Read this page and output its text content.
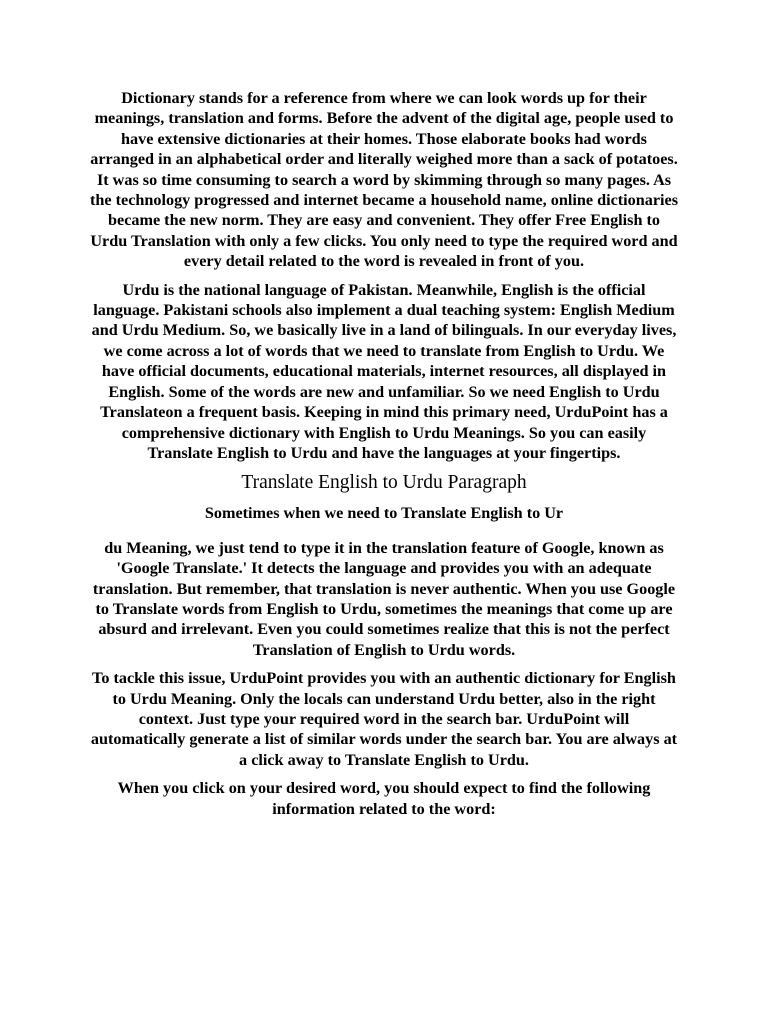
Dictionary stands for a reference from where we can look words up for their meanings, translation and forms. Before the advent of the digital age, people used to have extensive dictionaries at their homes. Those elaborate books had words arranged in an alphabetical order and literally weighed more than a sack of potatoes. It was so time consuming to search a word by skimming through so many pages. As the technology progressed and internet became a household name, online dictionaries became the new norm. They are easy and convenient. They offer Free English to Urdu Translation with only a few clicks. You only need to type the required word and every detail related to the word is revealed in front of you.

Urdu is the national language of Pakistan. Meanwhile, English is the official language. Pakistani schools also implement a dual teaching system: English Medium and Urdu Medium. So, we basically live in a land of bilinguals. In our everyday lives, we come across a lot of words that we need to translate from English to Urdu. We have official documents, educational materials, internet resources, all displayed in English. Some of the words are new and unfamiliar. So we need English to Urdu Translateon a frequent basis. Keeping in mind this primary need, UrduPoint has a comprehensive dictionary with English to Urdu Meanings. So you can easily Translate English to Urdu and have the languages at your fingertips.

Translate English to Urdu Paragraph

Sometimes when we need to Translate English to Ur

du Meaning, we just tend to type it in the translation feature of Google, known as 'Google Translate.' It detects the language and provides you with an adequate translation. But remember, that translation is never authentic. When you use Google to Translate words from English to Urdu, sometimes the meanings that come up are absurd and irrelevant. Even you could sometimes realize that this is not the perfect Translation of English to Urdu words.

To tackle this issue, UrduPoint provides you with an authentic dictionary for English to Urdu Meaning. Only the locals can understand Urdu better, also in the right context. Just type your required word in the search bar. UrduPoint will automatically generate a list of similar words under the search bar. You are always at a click away to Translate English to Urdu.

When you click on your desired word, you should expect to find the following information related to the word:
